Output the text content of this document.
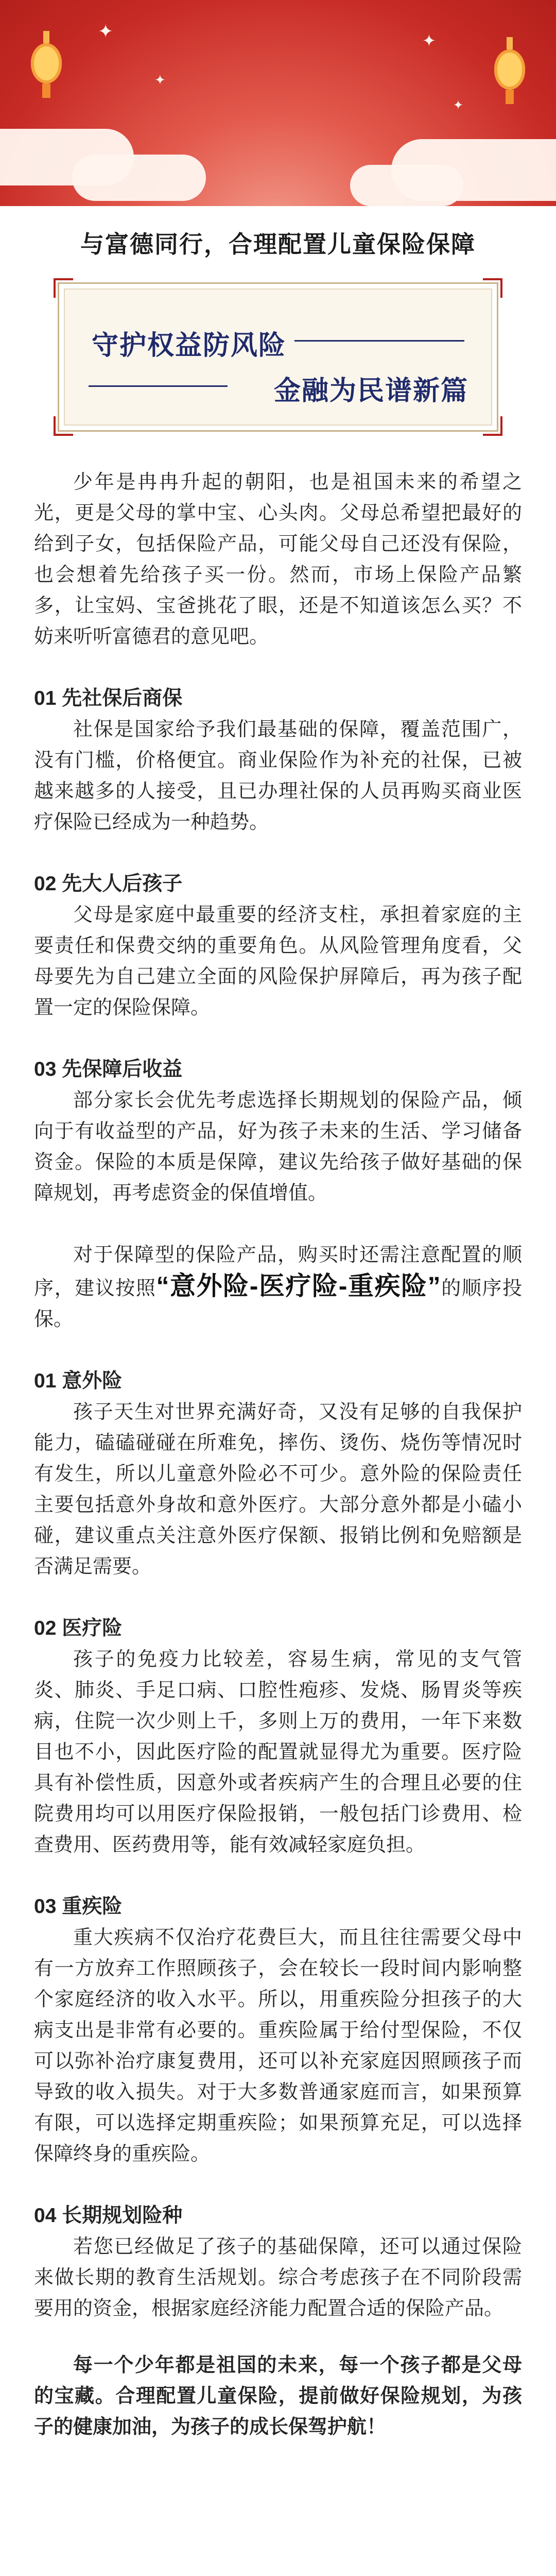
✦
✦
✦
✦
与富德同行，合理配置儿童保险保障
守护权益防风险
金融为民谱新篇

少年是冉冉升起的朝阳，也是祖国未来的希望之光，更是父母的掌中宝、心头肉。父母总希望把最好的给到子女，包括保险产品，可能父母自己还没有保险，也会想着先给孩子买一份。然而，市场上保险产品繁多，让宝妈、宝爸挑花了眼，还是不知道该怎么买？不妨来听听富德君的意见吧。

01 先社保后商保

社保是国家给予我们最基础的保障，覆盖范围广，没有门槛，价格便宜。商业保险作为补充的社保，已被越来越多的人接受，且已办理社保的人员再购买商业医疗保险已经成为一种趋势。

02 先大人后孩子

父母是家庭中最重要的经济支柱，承担着家庭的主要责任和保费交纳的重要角色。从风险管理角度看，父母要先为自己建立全面的风险保护屏障后，再为孩子配置一定的保险保障。

03 先保障后收益

部分家长会优先考虑选择长期规划的保险产品，倾向于有收益型的产品，好为孩子未来的生活、学习储备资金。保险的本质是保障，建议先给孩子做好基础的保障规划，再考虑资金的保值增值。

对于保障型的保险产品，购买时还需注意配置的顺序，建议按照“意外险-医疗险-重疾险”的顺序投保。

01 意外险

孩子天生对世界充满好奇，又没有足够的自我保护能力，磕磕碰碰在所难免，摔伤、烫伤、烧伤等情况时有发生，所以儿童意外险必不可少。意外险的保险责任主要包括意外身故和意外医疗。大部分意外都是小磕小碰，建议重点关注意外医疗保额、报销比例和免赔额是否满足需要。

02 医疗险

孩子的免疫力比较差，容易生病，常见的支气管炎、肺炎、手足口病、口腔性疱疹、发烧、肠胃炎等疾病，住院一次少则上千，多则上万的费用，一年下来数目也不小，因此医疗险的配置就显得尤为重要。医疗险具有补偿性质，因意外或者疾病产生的合理且必要的住院费用均可以用医疗保险报销，一般包括门诊费用、检查费用、医药费用等，能有效减轻家庭负担。

03 重疾险

重大疾病不仅治疗花费巨大，而且往往需要父母中有一方放弃工作照顾孩子，会在较长一段时间内影响整个家庭经济的收入水平。所以，用重疾险分担孩子的大病支出是非常有必要的。重疾险属于给付型保险，不仅可以弥补治疗康复费用，还可以补充家庭因照顾孩子而导致的收入损失。对于大多数普通家庭而言，如果预算有限，可以选择定期重疾险；如果预算充足，可以选择保障终身的重疾险。

04 长期规划险种

若您已经做足了孩子的基础保障，还可以通过保险来做长期的教育生活规划。综合考虑孩子在不同阶段需要用的资金，根据家庭经济能力配置合适的保险产品。

每一个少年都是祖国的未来，每一个孩子都是父母的宝藏。合理配置儿童保险，提前做好保险规划，为孩子的健康加油，为孩子的成长保驾护航！
